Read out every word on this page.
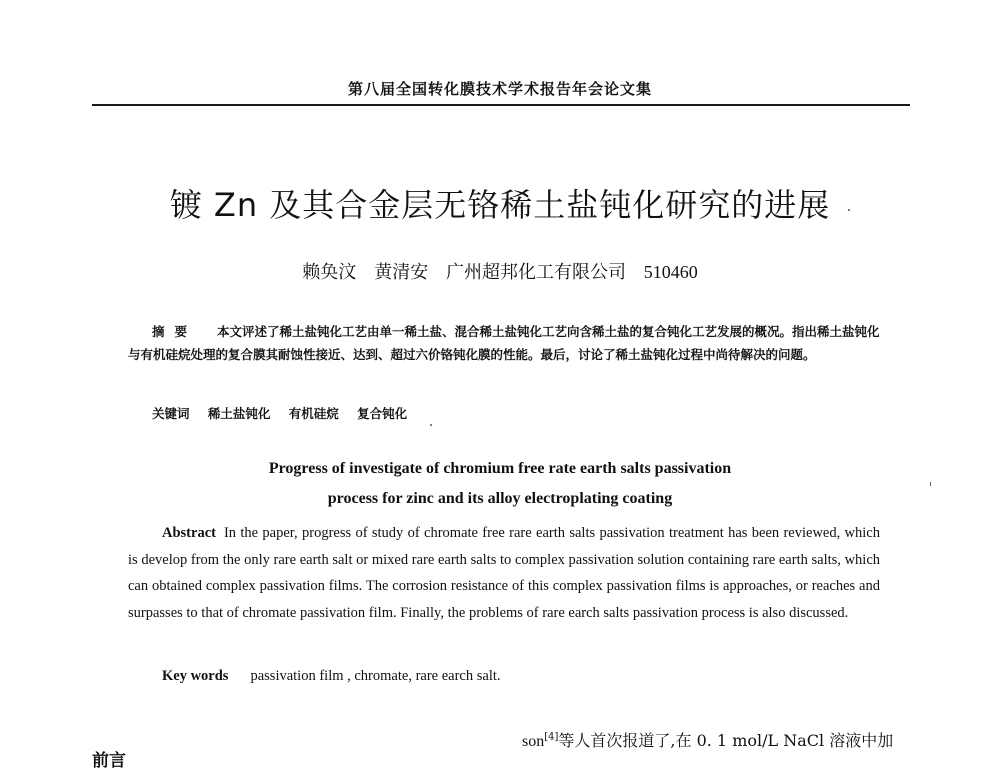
第八届全国转化膜技术学术报告年会论文集
镀 Zn 及其合金层无铬稀土盐钝化研究的进展
赖奂汶　黄清安 广州超邦化工有限公司 510460
摘要 本文评述了稀土盐钝化工艺由单一稀土盐、混合稀土盐钝化工艺向含稀土盐的复合钝化工艺发展的概况。指出稀土盐钝化与有机硅烷处理的复合膜其耐蚀性接近、达到、超过六价铬钝化膜的性能。最后，讨论了稀土盐钝化过程中尚待解决的问题。
关键词 稀土盐钝化 有机硅烷 复合钝化
Progress of investigate of chromium free rate earth salts passivation
process for zinc and its alloy electroplating coating
Abstract In the paper, progress of study of chromate free rare earth salts passivation treatment has been reviewed, which is develop from the only rare earth salt or mixed rare earth salts to complex passivation solution containing rare earth salts, which can obtained complex passivation films. The corrosion resistance of this complex passivation films is approaches, or reaches and surpasses to that of chromate passivation film. Finally, the problems of rare earch salts passivation process is also discussed.
Key words passivation film , chromate, rare earch salt.
son[4]等人首次报道了,在 0. 1 mol/L NaCl 溶液中加
前言
